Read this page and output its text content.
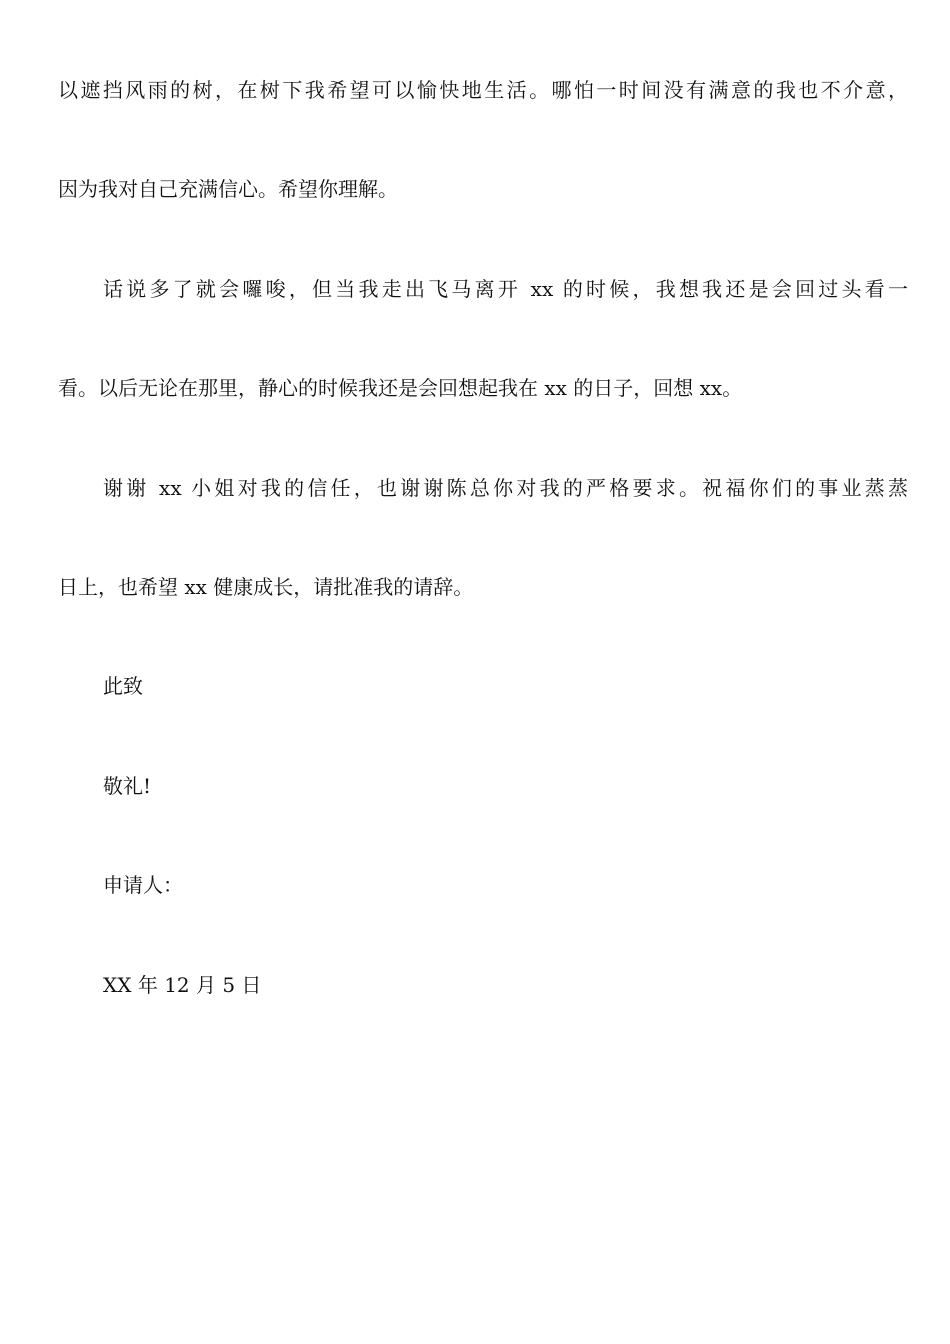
以遮挡风雨的树，在树下我希望可以愉快地生活。哪怕一时间没有满意的我也不介意，
因为我对自己充满信心。希望你理解。
话说多了就会囉唆，但当我走出飞马离开 xx 的时候，我想我还是会回过头看一
看。以后无论在那里，静心的时候我还是会回想起我在 xx 的日子，回想 xx。
谢谢 xx 小姐对我的信任，也谢谢陈总你对我的严格要求。祝福你们的事业蒸蒸
日上，也希望 xx 健康成长，请批准我的请辞。
此致
敬礼!
申请人：
XX 年 12 月 5 日
